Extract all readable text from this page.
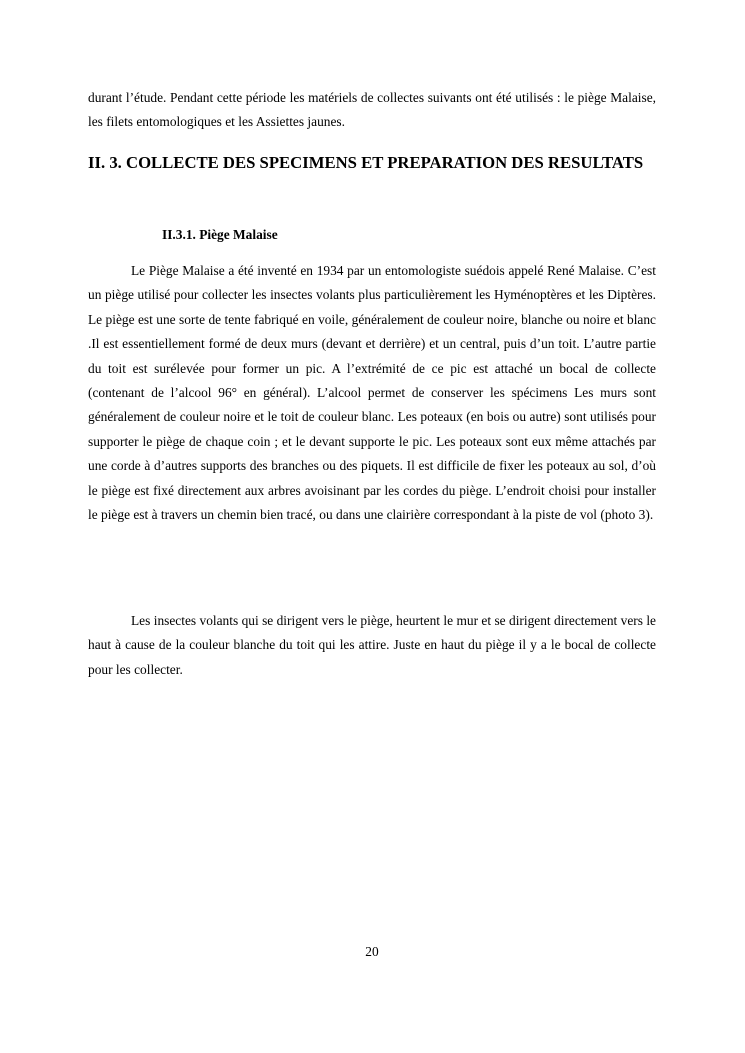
durant l’étude. Pendant cette période les matériels de collectes suivants ont été utilisés : le piège Malaise, les filets entomologiques et les Assiettes jaunes.

II. 3. COLLECTE DES SPECIMENS ET PREPARATION DES RESULTATS
II.3.1. Piège Malaise

Le Piège Malaise a été inventé en 1934 par un entomologiste suédois appelé René Malaise. C’est un piège utilisé pour collecter les insectes volants plus particulièrement les Hyménoptères et les Diptères. Le piège est une sorte de tente fabriqué en voile, généralement de couleur noire, blanche ou noire et blanc .Il est essentiellement formé de deux murs (devant et derrière) et un central, puis d’un toit. L’autre partie du toit est surélevée pour former un pic. A l’extrémité de ce pic est attaché un bocal de collecte (contenant de l’alcool 96° en général). L’alcool permet de conserver les spécimens Les murs sont généralement de couleur noire et le toit de couleur blanc. Les poteaux (en bois ou autre) sont utilisés pour supporter le piège de chaque coin ; et le devant supporte le pic. Les poteaux sont eux même attachés par une corde à d’autres supports des branches ou des piquets. Il est difficile de fixer les poteaux au sol, d’où le piège est fixé directement aux arbres avoisinant par les cordes du piège. L’endroit choisi pour installer le piège est à travers un chemin bien tracé, ou dans une clairière correspondant à la piste de vol (photo 3).

Les insectes volants qui se dirigent vers le piège, heurtent le mur et se dirigent directement vers le haut à cause de la couleur blanche du toit qui les attire. Juste en haut du piège il y a le bocal de collecte pour les collecter.

20
